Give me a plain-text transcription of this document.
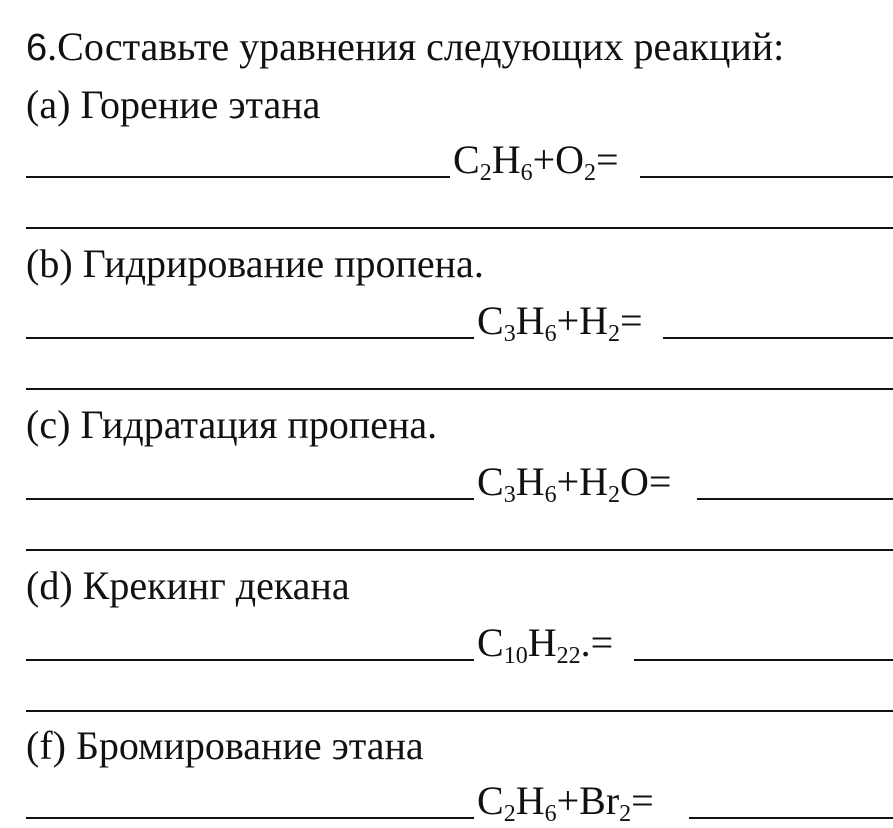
6.Составьте уравнения следующих реакций:
(a) Горение этана
$C_2H_6+O_2=$
(b) Гидрирование пропена.
$C_3H_6+H_2=$
(c) Гидратация пропена.
$C_3H_6+H_2O=$
(d) Крекинг декана
$C_{10}H_{22}.=$
(f) Бромирование этана
$C_2H_6+Br_2=$
